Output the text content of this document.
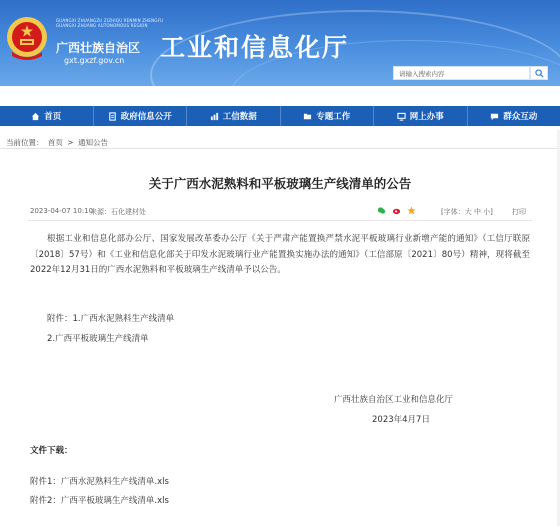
GUANGXI ZHUANGZU ZIZHIQU RENMIN ZHENGFU
GUANGXI ZHUANG AUTONOMOUS REGION
广西壮族自治区
gxt.gxzf.gov.cn 工业和信息化厅
请输入搜索内容
首页	政府信息公开	工信数据	专题工作	网上办事	群众互动
当前位置： 首页 > 通知公告
关于广西水泥熟料和平板玻璃生产线清单的公告
2023-04-07 10:10
来源：石化建材处	[字体：大 中 小]	打印
根据工业和信息化部办公厅、国家发展改革委办公厅《关于严肃产能置换严禁水泥平板玻璃行业新增产能的通知》（工信厅联原〔2018〕57号）和《工业和信息化部关于印发水泥玻璃行业产能置换实施办法的通知》（工信部原〔2021〕80号）精神，现将截至2022年12月31日的广西水泥熟料和平板玻璃生产线清单予以公告。
附件：1.广西水泥熟料生产线清单
2.广西平板玻璃生产线清单
广西壮族自治区工业和信息化厅
2023年4月7日
文件下载：
附件1：广西水泥熟料生产线清单.xls
附件2：广西平板玻璃生产线清单.xls
